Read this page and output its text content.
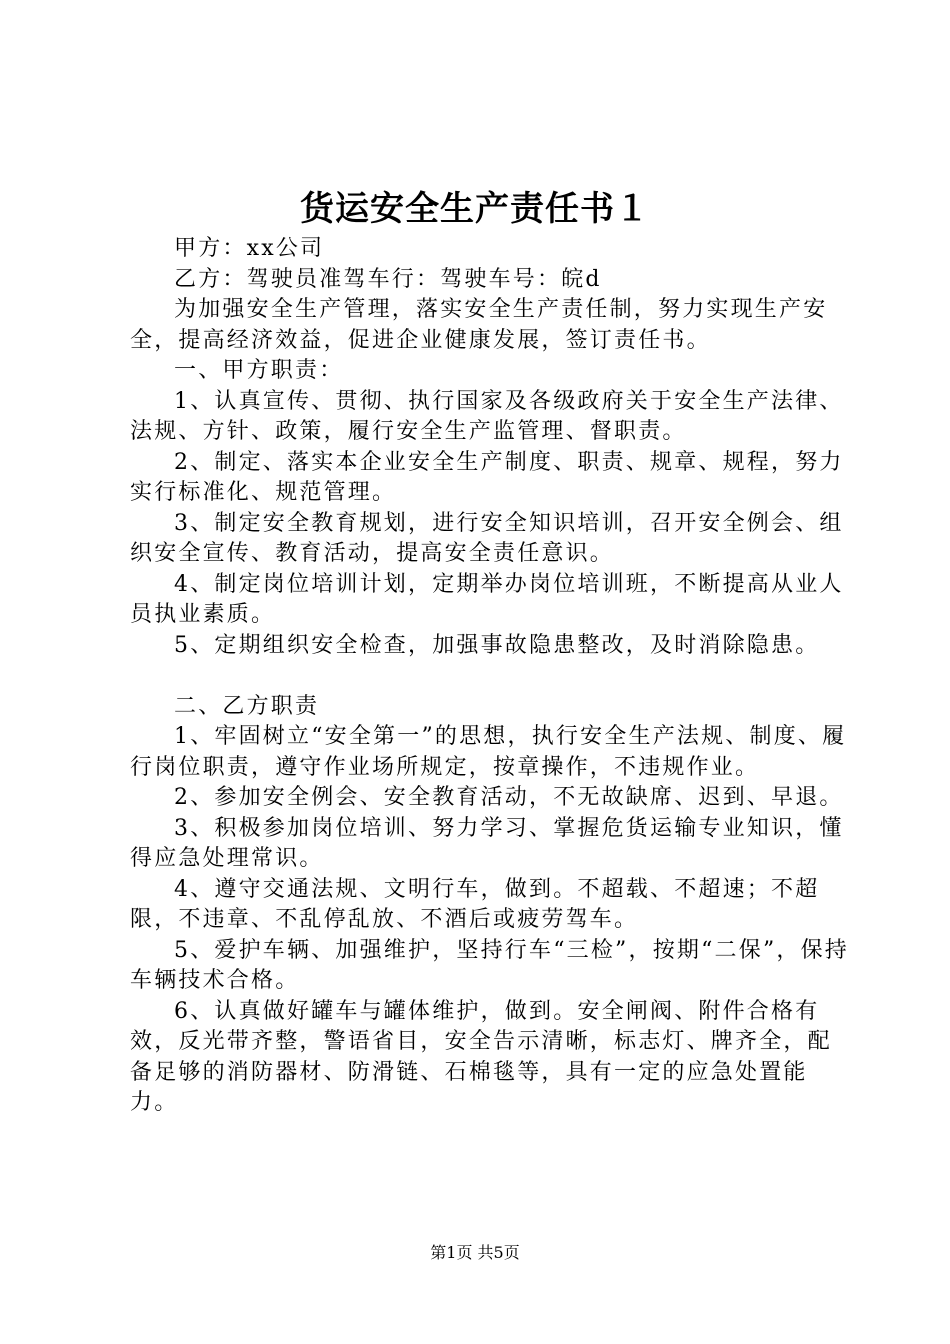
货运安全生产责任书１

甲方：xx公司

乙方：驾驶员准驾车行：驾驶车号：皖d

为加强安全生产管理，落实安全生产责任制，努力实现生产安全，提高经济效益，促进企业健康发展，签订责任书。

一、甲方职责：

1、认真宣传、贯彻、执行国家及各级政府关于安全生产法律、法规、方针、政策，履行安全生产监管理、督职责。

2、制定、落实本企业安全生产制度、职责、规章、规程，努力实行标准化、规范管理。

3、制定安全教育规划，进行安全知识培训，召开安全例会、组织安全宣传、教育活动，提高安全责任意识。

4、制定岗位培训计划，定期举办岗位培训班，不断提高从业人员执业素质。

5、定期组织安全检查，加强事故隐患整改，及时消除隐患。

二、乙方职责

1、牢固树立“安全第一”的思想，执行安全生产法规、制度、履行岗位职责，遵守作业场所规定，按章操作，不违规作业。

2、参加安全例会、安全教育活动，不无故缺席、迟到、早退。

3、积极参加岗位培训、努力学习、掌握危货运输专业知识，懂得应急处理常识。

4、遵守交通法规、文明行车，做到。不超载、不超速；不超限，不违章、不乱停乱放、不酒后或疲劳驾车。

5、爱护车辆、加强维护，坚持行车“三检”，按期“二保”，保持车辆技术合格。

6、认真做好罐车与罐体维护，做到。安全闸阀、附件合格有效，反光带齐整，警语省目，安全告示清晰，标志灯、牌齐全，配备足够的消防器材、防滑链、石棉毯等，具有一定的应急处置能力。

第1页 共5页
